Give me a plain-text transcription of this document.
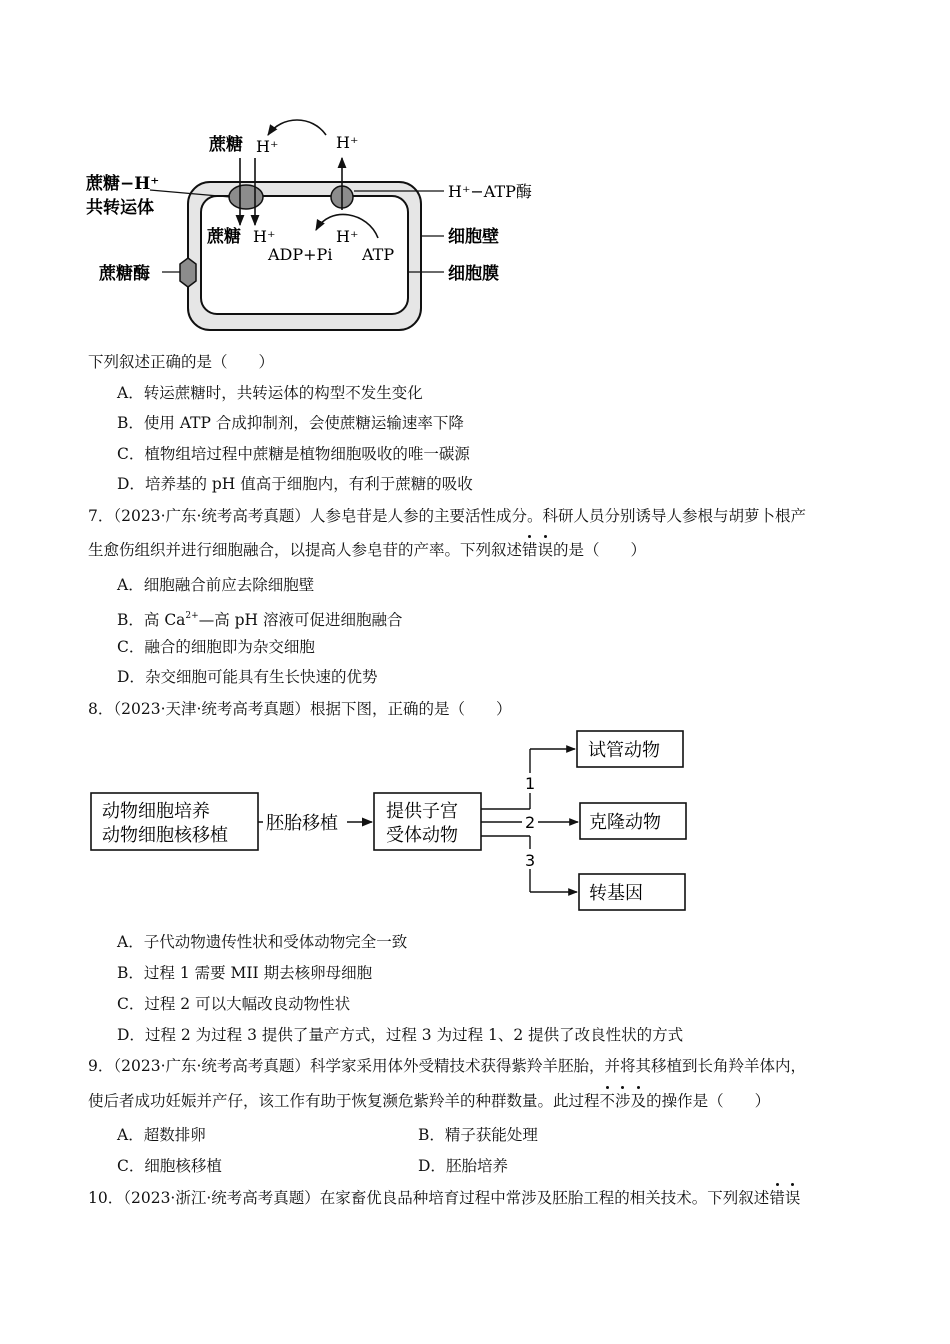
蔗糖 H⁺	H⁺
蔗糖−H⁺
共转运体
H⁺−ATP酶
蔗糖 H⁺	H⁺	细胞壁
ADP+Pi ATP
蔗糖酶	细胞膜
下列叙述正确的是（　　）
A．转运蔗糖时，共转运体的构型不发生变化
B．使用 ATP 合成抑制剂，会使蔗糖运输速率下降
C．植物组培过程中蔗糖是植物细胞吸收的唯一碳源
D．培养基的 pH 值高于细胞内，有利于蔗糖的吸收
7．（2023·广东·统考高考真题）人参皂苷是人参的主要活性成分。科研人员分别诱导人参根与胡萝卜根产
生愈伤组织并进行细胞融合，以提高人参皂苷的产率。下列叙述错误的是（　　）
A．细胞融合前应去除细胞壁
B．高 $Ca^{2+}—$高 pH 溶液可促进细胞融合
C．融合的细胞即为杂交细胞
D．杂交细胞可能具有生长快速的优势
8．（2023·天津·统考高考真题）根据下图，正确的是（　　）
动物细胞培养
动物细胞核移植
胚胎移植
提供子宫
受体动物
1
2
3
试管动物
克隆动物
转基因
A．子代动物遗传性状和受体动物完全一致
B．过程 1 需要 MII 期去核卵母细胞
C．过程 2 可以大幅改良动物性状
D．过程 2 为过程 3 提供了量产方式，过程 3 为过程 1、2 提供了改良性状的方式
9．（2023·广东·统考高考真题）科学家采用体外受精技术获得紫羚羊胚胎，并将其移植到长角羚羊体内，
使后者成功妊娠并产仔，该工作有助于恢复濒危紫羚羊的种群数量。此过程不涉及的操作是（　　）
A．超数排卵	B．精子获能处理
C．细胞核移植	D．胚胎培养
10．（2023·浙江·统考高考真题）在家畜优良品种培育过程中常涉及胚胎工程的相关技术。下列叙述错误
